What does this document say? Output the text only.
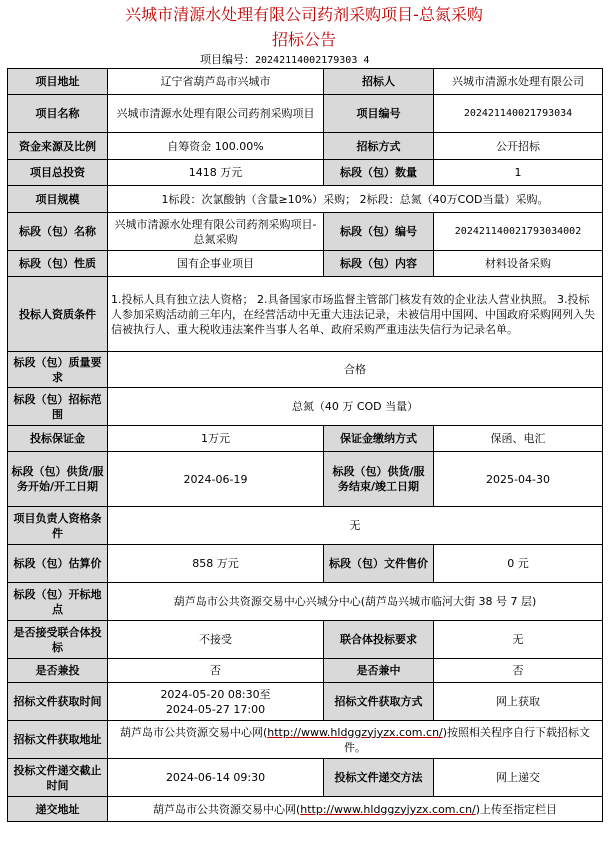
兴城市清源水处理有限公司药剂采购项目-总氮采购
招标公告
项目编号：20242114002179303 4
项目地址	辽宁省葫芦岛市兴城市	招标人	兴城市清源水处理有限公司
项目名称	兴城市清源水处理有限公司药剂采购项目	项目编号	202421140021793034
资金来源及比例	自筹资金 100.00%	招标方式	公开招标
项目总投资	1418 万元	标段（包）数量	1
项目规模	1标段：次氯酸钠（含量≥10%）采购； 2标段：总氮（40万COD当量）采购。		
标段（包）名称	兴城市清源水处理有限公司药剂采购项目-总氮采购	标段（包）编号	202421140021793034002
标段（包）性质	国有企事业项目	标段（包）内容	材料设备采购
投标人资质条件	1.投标人具有独立法人资格； 2.具备国家市场监督主管部门核发有效的企业法人营业执照。 3.投标人参加采购活动前三年内，在经营活动中无重大违法记录，未被信用中国网、中国政府采购网列入失信被执行人、重大税收违法案件当事人名单、政府采购严重违法失信行为记录名单。		
标段（包）质量要求	合格		
标段（包）招标范围	总氮（40 万 COD 当量）		
投标保证金	1万元	保证金缴纳方式	保函、电汇
标段（包）供货/服务开始/开工日期	2024-06-19	标段（包）供货/服务结束/竣工日期	2025-04-30
项目负责人资格条件	无		
标段（包）估算价	858 万元	标段（包）文件售价	0 元
标段（包）开标地点	葫芦岛市公共资源交易中心兴城分中心(葫芦岛兴城市临河大街 38 号 7 层)		
是否接受联合体投标	不接受	联合体投标要求	无
是否兼投	否	是否兼中	否
招标文件获取时间	2024-05-20 08:30至
2024-05-27 17:00	招标文件获取方式	网上获取
招标文件获取地址	葫芦岛市公共资源交易中心网(http://www.hldggzyjyzx.com.cn/)按照相关程序自行下载招标文件。		
投标文件递交截止时间	2024-06-14 09:30	投标文件递交方法	网上递交
递交地址	葫芦岛市公共资源交易中心网(http://www.hldggzyjyzx.com.cn/)上传至指定栏目		
